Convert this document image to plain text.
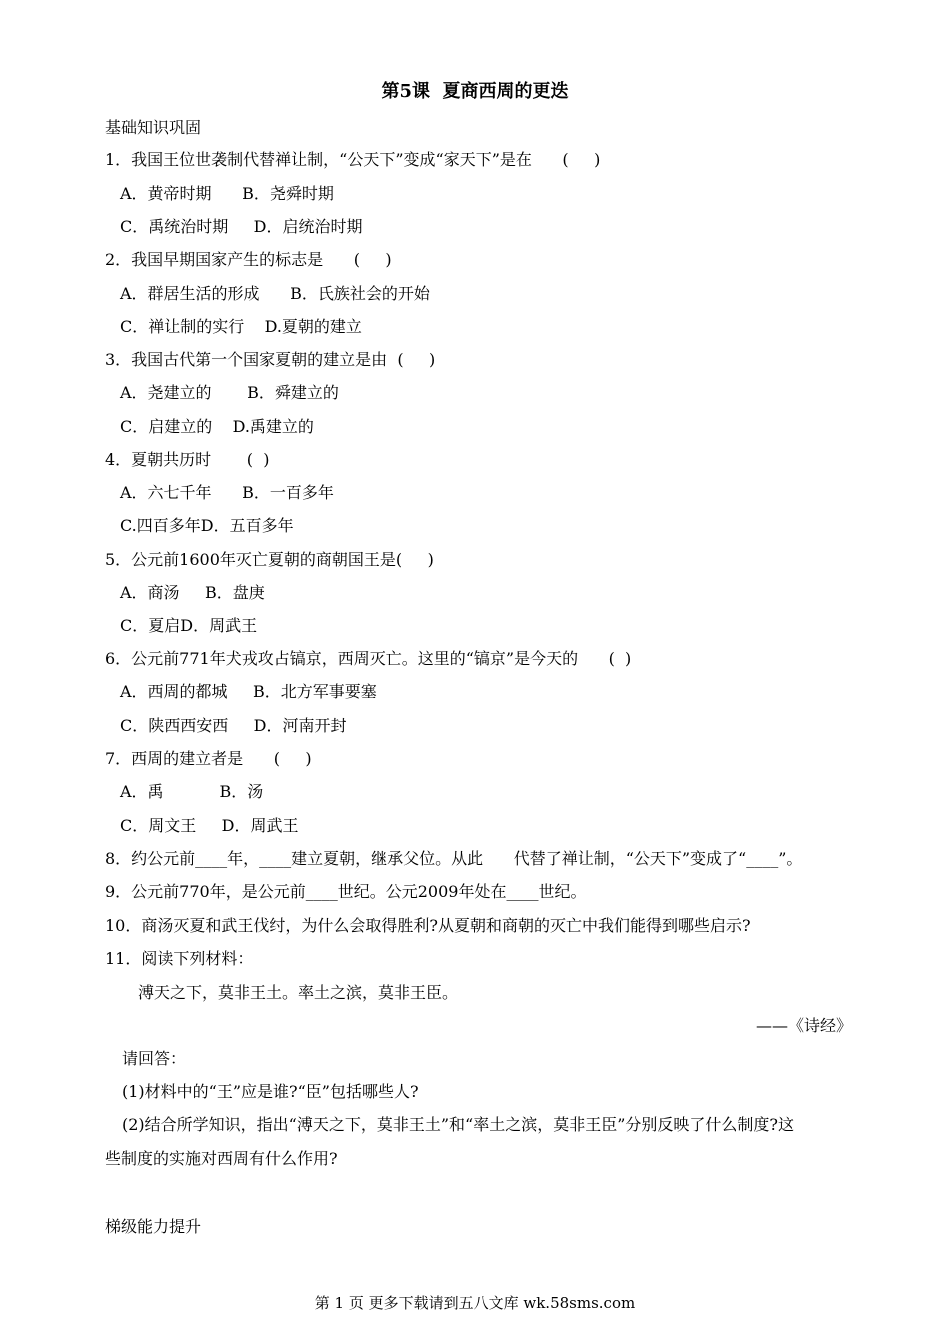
第5课  夏商西周的更迭
基础知识巩固
1．我国王位世袭制代替禅让制，“公天下”变成“家天下”是在      (     )
A．黄帝时期      B．尧舜时期
C．禹统治时期     D．启统治时期
2．我国早期国家产生的标志是      (     )
A．群居生活的形成      B．氏族社会的开始
C．禅让制的实行    D.夏朝的建立
3．我国古代第一个国家夏朝的建立是由  (     )
A．尧建立的       B．舜建立的
C．启建立的    D.禹建立的
4．夏朝共历时       (  )
A．六七千年      B．一百多年
C.四百多年D．五百多年
5．公元前1600年灭亡夏朝的商朝国王是(     )
A．商汤     B．盘庚
C．夏启D．周武王
6．公元前771年犬戎攻占镐京，西周灭亡。这里的“镐京”是今天的      (  )
A．西周的都城     B．北方军事要塞
C．陕西西安西     D．河南开封
7．西周的建立者是      (     )
A．禹           B．汤
C．周文王     D．周武王
8．约公元前____年，____建立夏朝，继承父位。从此      代替了禅让制，“公天下”变成了“____”。
9．公元前770年，是公元前____世纪。公元2009年处在____世纪。
10．商汤灭夏和武王伐纣，为什么会取得胜利?从夏朝和商朝的灭亡中我们能得到哪些启示?
11．阅读下列材料：
溥天之下，莫非王土。率土之滨，莫非王臣。
——《诗经》
请回答：
(1)材料中的“王”应是谁?“臣”包括哪些人?
(2)结合所学知识，指出“溥天之下，莫非王土”和“率土之滨，莫非王臣”分别反映了什么制度?这
些制度的实施对西周有什么作用?
梯级能力提升
第 1 页 更多下载请到五八文库 wk.58sms.com
